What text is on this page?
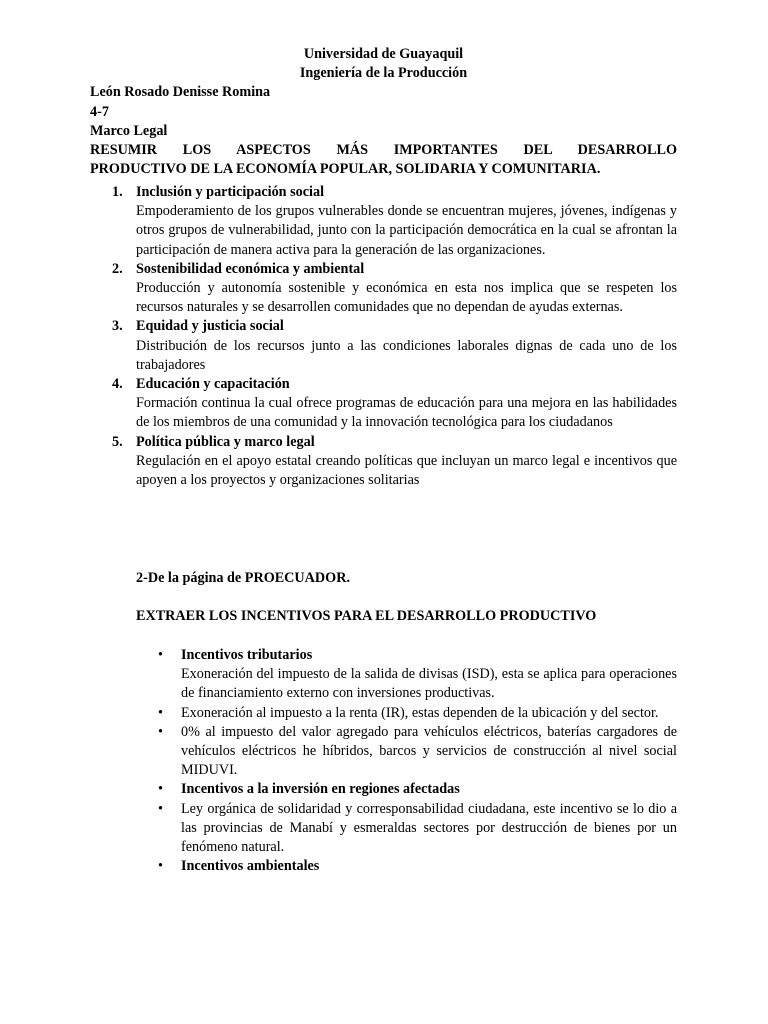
Universidad de Guayaquil
Ingeniería de la Producción
León Rosado Denisse Romina
4-7
Marco Legal
RESUMIR LOS ASPECTOS MÁS IMPORTANTES DEL DESARROLLO
PRODUCTIVO DE LA ECONOMÍA POPULAR, SOLIDARIA Y COMUNITARIA.
1. Inclusión y participación social
Empoderamiento de los grupos vulnerables donde se encuentran mujeres, jóvenes, indígenas y otros grupos de vulnerabilidad, junto con la participación democrática en la cual se afrontan la participación de manera activa para la generación de las organizaciones.
2. Sostenibilidad económica y ambiental
Producción y autonomía sostenible y económica en esta nos implica que se respeten los recursos naturales y se desarrollen comunidades que no dependan de ayudas externas.
3. Equidad y justicia social
Distribución de los recursos junto a las condiciones laborales dignas de cada uno de los trabajadores
4. Educación y capacitación
Formación continua la cual ofrece programas de educación para una mejora en las habilidades de los miembros de una comunidad y la innovación tecnológica para los ciudadanos
5. Política pública y marco legal
Regulación en el apoyo estatal creando políticas que incluyan un marco legal e incentivos que apoyen a los proyectos y organizaciones solitarias
2-De la página de PROECUADOR.
EXTRAER LOS INCENTIVOS PARA EL DESARROLLO PRODUCTIVO
• Incentivos tributarios
Exoneración del impuesto de la salida de divisas (ISD), esta se aplica para operaciones de financiamiento externo con inversiones productivas.
• Exoneración al impuesto a la renta (IR), estas dependen de la ubicación y del sector.
• 0% al impuesto del valor agregado para vehículos eléctricos, baterías cargadores de vehículos eléctricos he híbridos, barcos y servicios de construcción al nivel social MIDUVI.
• Incentivos a la inversión en regiones afectadas
• Ley orgánica de solidaridad y corresponsabilidad ciudadana, este incentivo se lo dio a las provincias de Manabí y esmeraldas sectores por destrucción de bienes por un fenómeno natural.
• Incentivos ambientales
